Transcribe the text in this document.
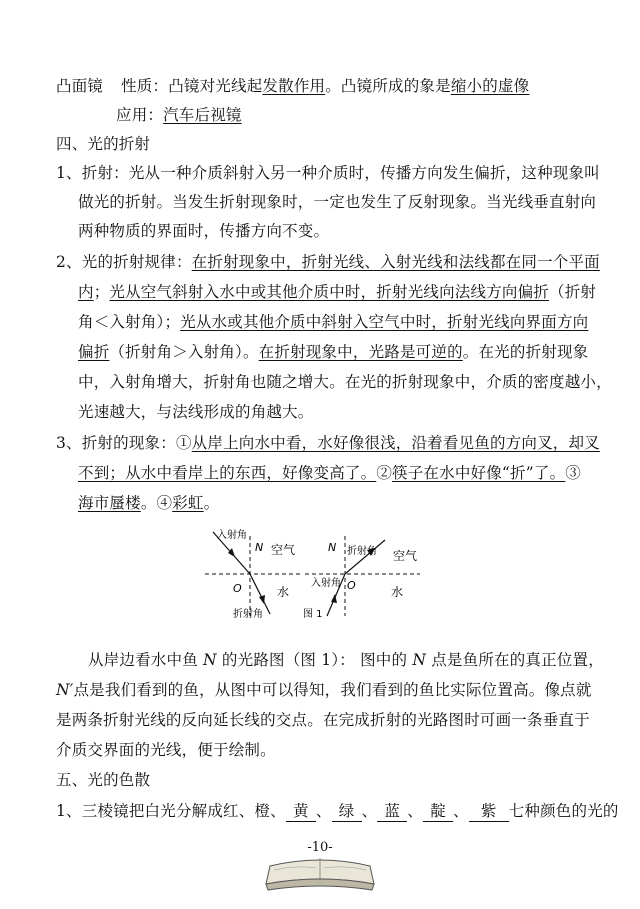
凸面镜 性质：凸镜对光线起发散作用。凸镜所成的象是缩小的虚像
应用：汽车后视镜
四、光的折射
1、折射：光从一种介质斜射入另一种介质时，传播方向发生偏折，这种现象叫
做光的折射。当发生折射现象时，一定也发生了反射现象。当光线垂直射向
两种物质的界面时，传播方向不变。
2、光的折射规律：在折射现象中，折射光线、入射光线和法线都在同一个平面
内；光从空气斜射入水中或其他介质中时，折射光线向法线方向偏折（折射
角＜入射角）；光从水或其他介质中斜射入空气中时，折射光线向界面方向
偏折（折射角＞入射角）。在折射现象中，光路是可逆的。在光的折射现象
中，入射角增大，折射角也随之增大。在光的折射现象中，介质的密度越小，
光速越大，与法线形成的角越大。
3、折射的现象：①从岸上向水中看，水好像很浅，沿着看见鱼的方向叉，却叉
不到；从水中看岸上的东西，好像变高了。②筷子在水中好像“折”了。③
海市蜃楼。④彩虹。
入射角
N 空气
O	水
折射角
N 折射角 空气
O
入射角
水
图 1
从岸边看水中鱼 N 的光路图（图 1）： 图中的 N 点是鱼所在的真正位置，
N′点是我们看到的鱼，从图中可以得知，我们看到的鱼比实际位置高。像点就
是两条折射光线的反向延长线的交点。在完成折射的光路图时可画一条垂直于
介质交界面的光线，便于绘制。
五、光的色散
1、三棱镜把白光分解成红、橙、 黄 、 绿 、 蓝 、 靛 、 紫 七种颜色的光的
-10-
